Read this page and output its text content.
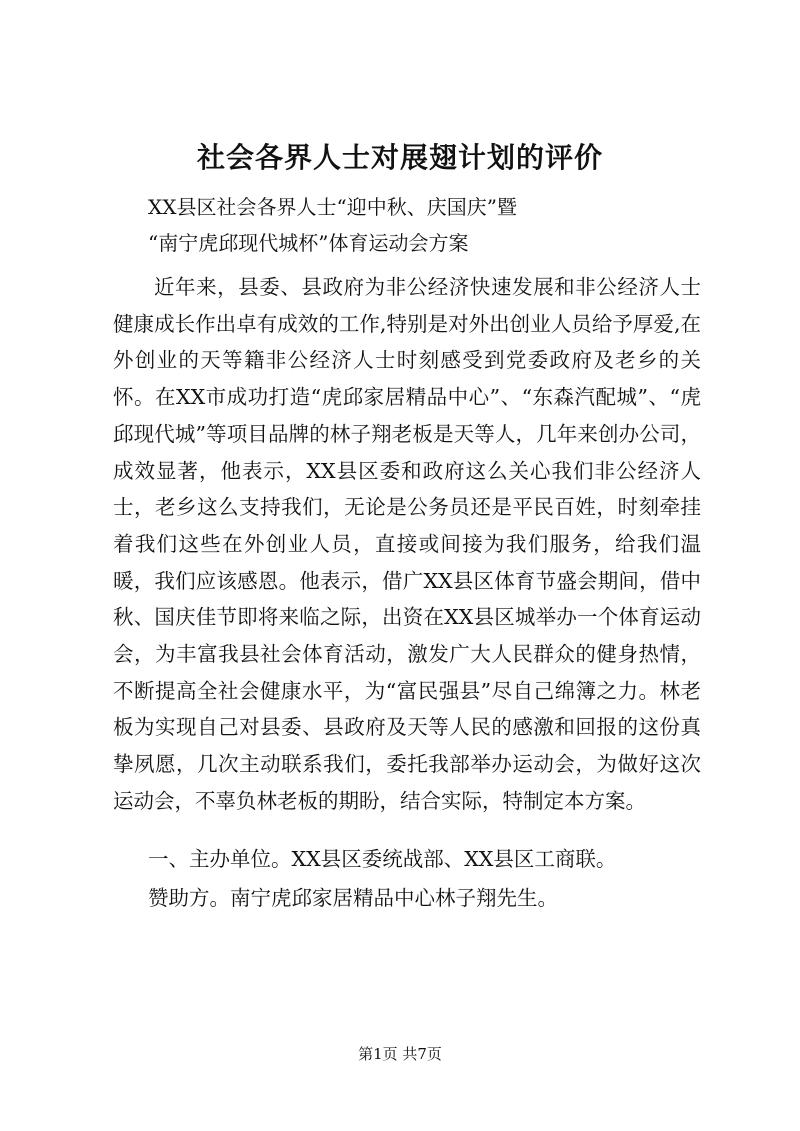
社会各界人士对展翅计划的评价
XX县区社会各界人士“迎中秋、庆国庆”暨
“南宁虎邱现代城杯”体育运动会方案

近年来，县委、县政府为非公经济快速发展和非公经济人士健康成长作出卓有成效的工作,特别是对外出创业人员给予厚爱,在外创业的天等籍非公经济人士时刻感受到党委政府及老乡的关怀。在XX市成功打造“虎邱家居精品中心”、“东森汽配城”、“虎邱现代城”等项目品牌的林子翔老板是天等人，几年来创办公司，成效显著，他表示，XX县区委和政府这么关心我们非公经济人士，老乡这么支持我们，无论是公务员还是平民百姓，时刻牵挂着我们这些在外创业人员，直接或间接为我们服务，给我们温暖，我们应该感恩。他表示，借广XX县区体育节盛会期间，借中秋、国庆佳节即将来临之际，出资在XX县区城举办一个体育运动会，为丰富我县社会体育活动，激发广大人民群众的健身热情，不断提高全社会健康水平，为“富民强县”尽自己绵簿之力。林老板为实现自己对县委、县政府及天等人民的感激和回报的这份真挚夙愿，几次主动联系我们，委托我部举办运动会，为做好这次运动会，不辜负林老板的期盼，结合实际，特制定本方案。

一、主办单位。XX县区委统战部、XX县区工商联。

赞助方。南宁虎邱家居精品中心林子翔先生。

第1页 共7页
